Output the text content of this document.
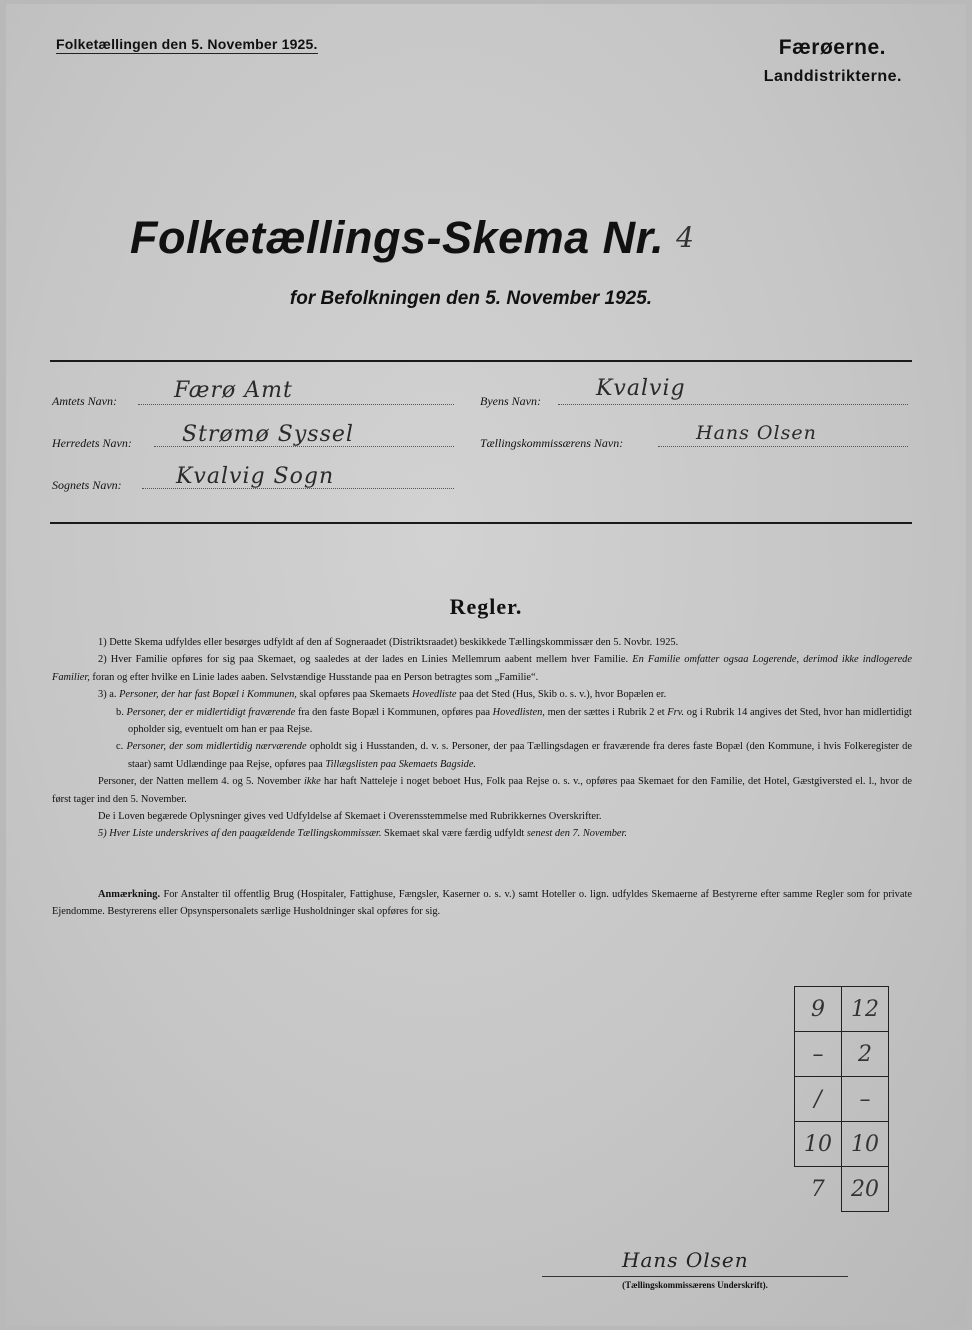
Folketællingen den 5. November 1925.	Færøerne.
Landdistrikterne.
Folketællings-Skema Nr. 4
for Befolkningen den 5. November 1925.
Amtets Navn:	Færø Amt	Byens Navn:	Kvalvig
Herredets Navn: Strømø Syssel	Tællingskommissærens Navn:	Hans Olsen
Sognets Navn: Kvalvig Sogn
Regler.

1) Dette Skema udfyldes eller besørges udfyldt af den af Sogneraadet (Distriktsraadet) beskikkede Tællingskommissær den 5. Novbr. 1925.

2) Hver Familie opføres for sig paa Skemaet, og saaledes at der lades en Linies Mellemrum aabent mellem hver Familie. En Familie omfatter ogsaa Logerende, derimod ikke indlogerede Familier, foran og efter hvilke en Linie lades aaben. Selvstændige Husstande paa en Person betragtes som „Familie“.

3) a. Personer, der har fast Bopæl i Kommunen, skal opføres paa Skemaets Hovedliste paa det Sted (Hus, Skib o. s. v.), hvor Bopælen er.

b. Personer, der er midlertidigt fraværende fra den faste Bopæl i Kommunen, opføres paa Hovedlisten, men der sættes i Rubrik 2 et Frv. og i Rubrik 14 angives det Sted, hvor han midlertidigt opholder sig, eventuelt om han er paa Rejse.

c. Personer, der som midlertidig nærværende opholdt sig i Husstanden, d. v. s. Personer, der paa Tællingsdagen er fraværende fra deres faste Bopæl (den Kommune, i hvis Folkeregister de staar) samt Udlændinge paa Rejse, opføres paa Tillægslisten paa Skemaets Bagside.

Personer, der Natten mellem 4. og 5. November ikke har haft Natteleje i noget beboet Hus, Folk paa Rejse o. s. v., opføres paa Skemaet for den Familie, det Hotel, Gæstgiversted el. l., hvor de først tager ind den 5. November.

De i Loven begærede Oplysninger gives ved Udfyldelse af Skemaet i Overensstemmelse med Rubrikkernes Overskrifter.

5) Hver Liste underskrives af den paagældende Tællingskommissær. Skemaet skal være færdig udfyldt senest den 7. November.

Anmærkning. For Anstalter til offentlig Brug (Hospitaler, Fattighuse, Fængsler, Kaserner o. s. v.) samt Hoteller o. lign. udfyldes Skemaerne af Bestyrerne efter samme Regler som for private Ejendomme. Bestyrerens eller Opsynspersonalets særlige Husholdninger skal opføres for sig.
9	12
–	2
/	–
10	10
7	20
Hans Olsen
(Tællingskommissærens Underskrift).
